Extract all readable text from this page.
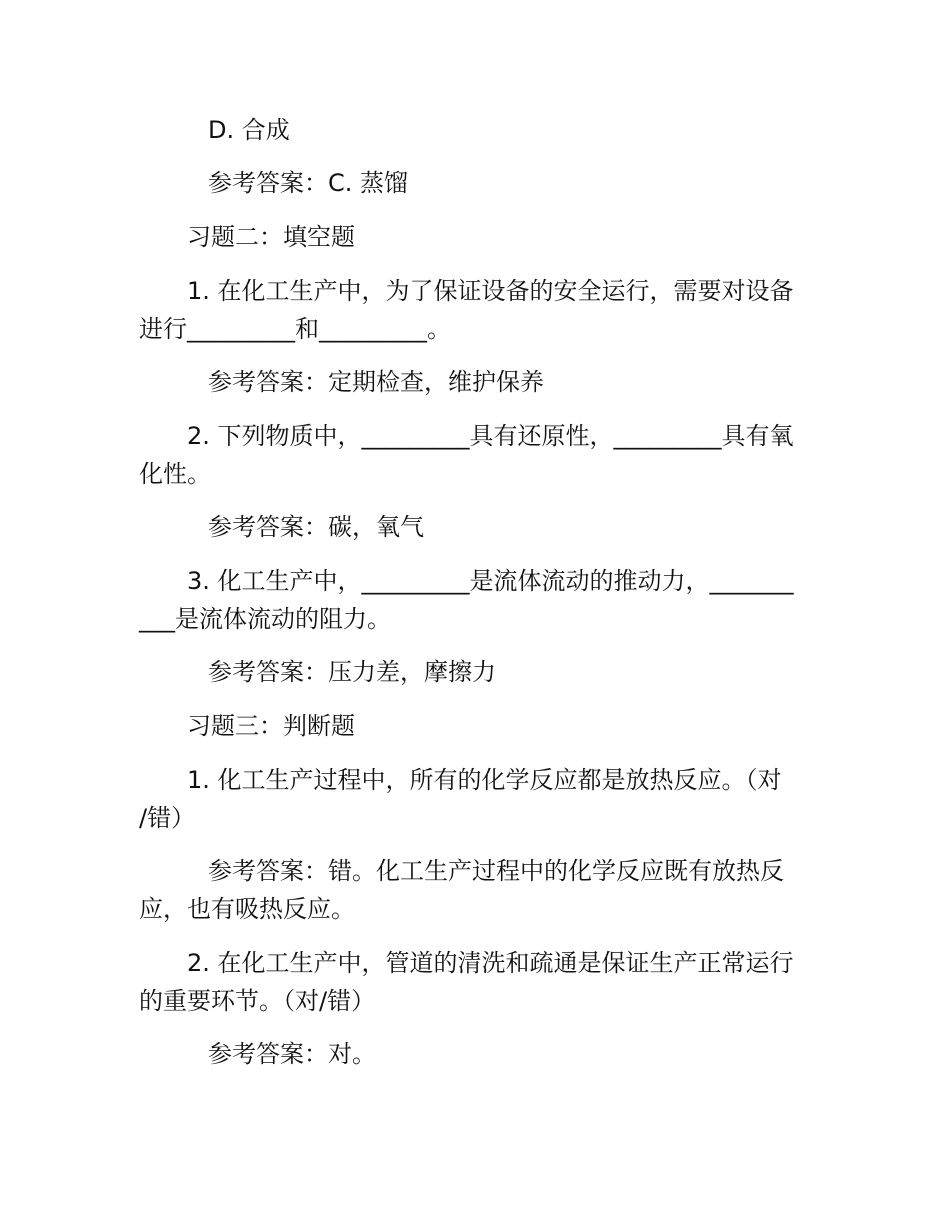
D. 合成

参考答案：C. 蒸馏

习题二：填空题

1. 在化工生产中，为了保证设备的安全运行，需要对设备

进行_________和_________。

参考答案：定期检查，维护保养

2. 下列物质中，_________具有还原性，_________具有氧

化性。

参考答案：碳，氧气

3. 化工生产中，_________是流体流动的推动力，_______

___是流体流动的阻力。

参考答案：压力差，摩擦力

习题三：判断题

1. 化工生产过程中，所有的化学反应都是放热反应。（对

/错）

参考答案：错。化工生产过程中的化学反应既有放热反

应，也有吸热反应。

2. 在化工生产中，管道的清洗和疏通是保证生产正常运行

的重要环节。（对/错）

参考答案：对。
